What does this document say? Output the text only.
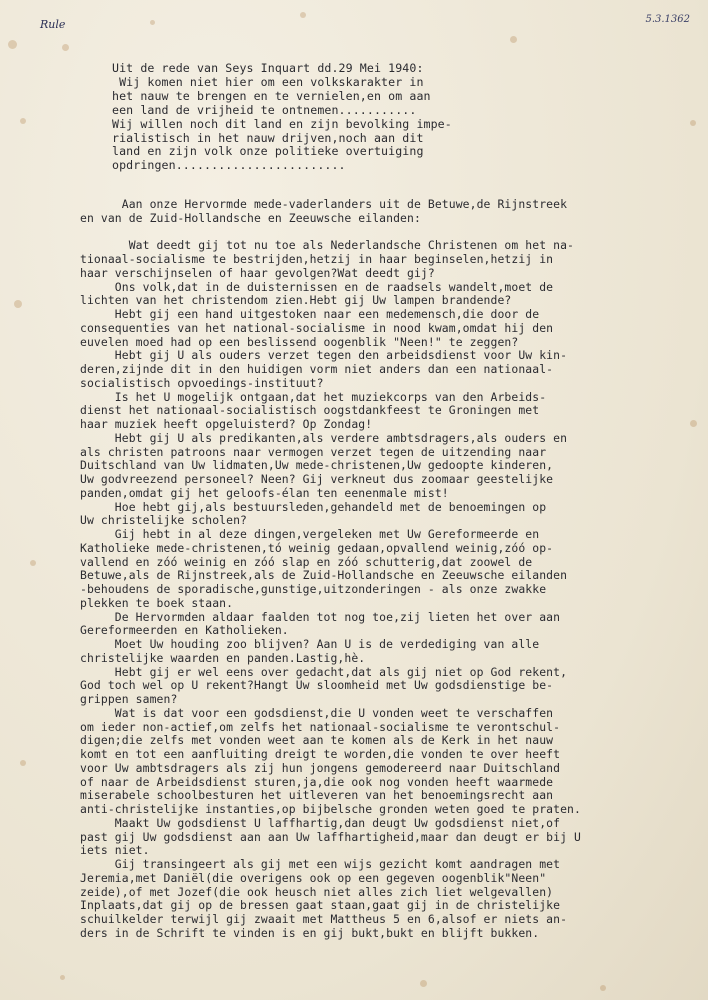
Rule	5.3.1362
Uit de rede van Seys Inquart dd.29 Mei 1940:
Wij komen niet hier om een volkskarakter in
het nauw te brengen en te vernielen,en om aan
een land de vrijheid te ontnemen...........
Wij willen noch dit land en zijn bevolking impe-
rialistisch in het nauw drijven,noch aan dit
land en zijn volk onze politieke overtuiging
opdringen........................
Aan onze Hervormde mede-vaderlanders uit de Betuwe,de Rijnstreek
en van de Zuid-Hollandsche en Zeeuwsche eilanden:

Wat deedt gij tot nu toe als Nederlandsche Christenen om het na-
tionaal-socialisme te bestrijden,hetzij in haar beginselen,hetzij in
haar verschijnselen of haar gevolgen?Wat deedt gij?
Ons volk,dat in de duisternissen en de raadsels wandelt,moet de
lichten van het christendom zien.Hebt gij Uw lampen brandende?
Hebt gij een hand uitgestoken naar een medemensch,die door de
consequenties van het national-socialisme in nood kwam,omdat hij den
euvelen moed had op een beslissend oogenblik "Neen!" te zeggen?
Hebt gij U als ouders verzet tegen den arbeidsdienst voor Uw kin-
deren,zijnde dit in den huidigen vorm niet anders dan een nationaal-
socialistisch opvoedings-instituut?
Is het U mogelijk ontgaan,dat het muziekcorps van den Arbeids-
dienst het nationaal-socialistisch oogstdankfeest te Groningen met
haar muziek heeft opgeluisterd? Op Zondag!
Hebt gij U als predikanten,als verdere ambtsdragers,als ouders en
als christen patroons naar vermogen verzet tegen de uitzending naar
Duitschland van Uw lidmaten,Uw mede-christenen,Uw gedoopte kinderen,
Uw godvreezend personeel? Neen? Gij verkneut dus zoomaar geestelijke
panden,omdat gij het geloofs-élan ten eenenmale mist!
Hoe hebt gij,als bestuursleden,gehandeld met de benoemingen op
Uw christelijke scholen?
Gij hebt in al deze dingen,vergeleken met Uw Gereformeerde en
Katholieke mede-christenen,tó weinig gedaan,opvallend weinig,zóó op-
vallend en zóó weinig en zóó slap en zóó schutterig,dat zoowel de
Betuwe,als de Rijnstreek,als de Zuid-Hollandsche en Zeeuwsche eilanden
-behoudens de sporadische,gunstige,uitzonderingen - als onze zwakke
plekken te boek staan.
De Hervormden aldaar faalden tot nog toe,zij lieten het over aan
Gereformeerden en Katholieken.
Moet Uw houding zoo blijven? Aan U is de verdediging van alle
christelijke waarden en panden.Lastig,hè.
Hebt gij er wel eens over gedacht,dat als gij niet op God rekent,
God toch wel op U rekent?Hangt Uw sloomheid met Uw godsdienstige be-
grippen samen?
Wat is dat voor een godsdienst,die U vonden weet te verschaffen
om ieder non-actief,om zelfs het nationaal-socialisme te verontschul-
digen;die zelfs met vonden weet aan te komen als de Kerk in het nauw
komt en tot een aanfluiting dreigt te worden,die vonden te over heeft
voor Uw ambtsdragers als zij hun jongens gemodereerd naar Duitschland
of naar de Arbeidsdienst sturen,ja,die ook nog vonden heeft waarmede
miserabele schoolbesturen het uitleveren van het benoemingsrecht aan
anti-christelijke instanties,op bijbelsche gronden weten goed te praten.
Maakt Uw godsdienst U laffhartig,dan deugt Uw godsdienst niet,of
past gij Uw godsdienst aan aan Uw laffhartigheid,maar dan deugt er bij U
iets niet.
Gij transingeert als gij met een wijs gezicht komt aandragen met
Jeremia,met Daniël(die overigens ook op een gegeven oogenblik"Neen"
zeide),of met Jozef(die ook heusch niet alles zich liet welgevallen)
Inplaats,dat gij op de bressen gaat staan,gaat gij in de christelijke
schuilkelder terwijl gij zwaait met Mattheus 5 en 6,alsof er niets an-
ders in de Schrift te vinden is en gij bukt,bukt en blijft bukken.
